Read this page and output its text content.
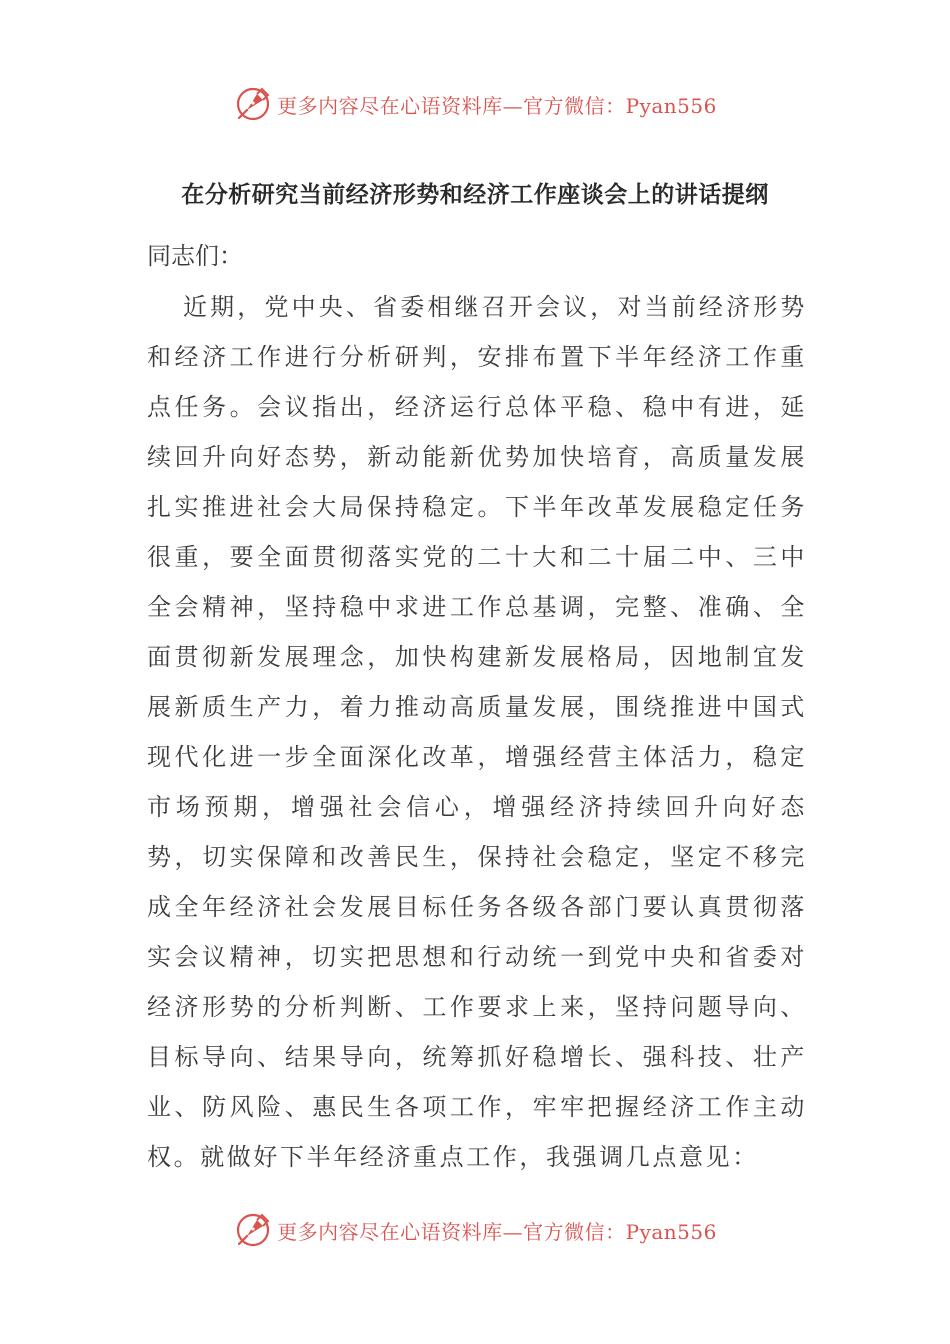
更多内容尽在心语资料库—官方微信：Pyan556
在分析研究当前经济形势和经济工作座谈会上的讲话提纲
同志们：

近期，党中央、省委相继召开会议，对当前经济形势和经济工作进行分析研判，安排布置下半年经济工作重点任务。会议指出，经济运行总体平稳、稳中有进，延续回升向好态势，新动能新优势加快培育，高质量发展扎实推进社会大局保持稳定。下半年改革发展稳定任务很重，要全面贯彻落实党的二十大和二十届二中、三中全会精神，坚持稳中求进工作总基调，完整、准确、全面贯彻新发展理念，加快构建新发展格局，因地制宜发展新质生产力，着力推动高质量发展，围绕推进中国式现代化进一步全面深化改革，增强经营主体活力，稳定市场预期，增强社会信心，增强经济持续回升向好态势，切实保障和改善民生，保持社会稳定，坚定不移完成全年经济社会发展目标任务各级各部门要认真贯彻落实会议精神，切实把思想和行动统一到党中央和省委对经济形势的分析判断、工作要求上来，坚持问题导向、目标导向、结果导向，统筹抓好稳增长、强科技、壮产业、防风险、惠民生各项工作，牢牢把握经济工作主动权。就做好下半年经济重点工作，我强调几点意见：

更多内容尽在心语资料库—官方微信：Pyan556
